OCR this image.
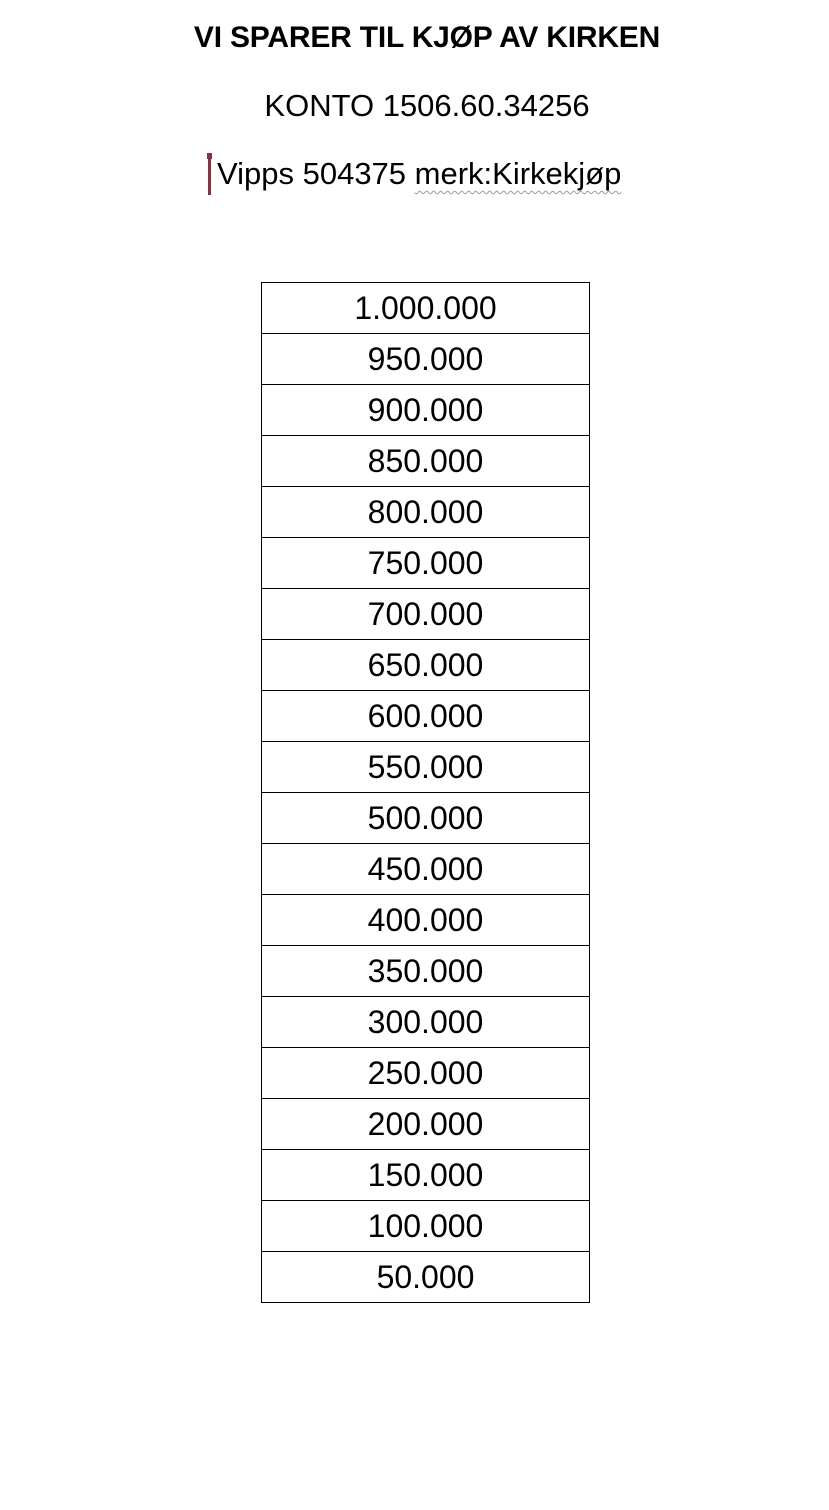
VI SPARER TIL KJØP AV KIRKEN
KONTO 1506.60.34256
Vipps 504375 merk:Kirkekjøp
1.000.000
950.000
900.000
850.000
800.000
750.000
700.000
650.000
600.000
550.000
500.000
450.000
400.000
350.000
300.000
250.000
200.000
150.000
100.000
50.000
